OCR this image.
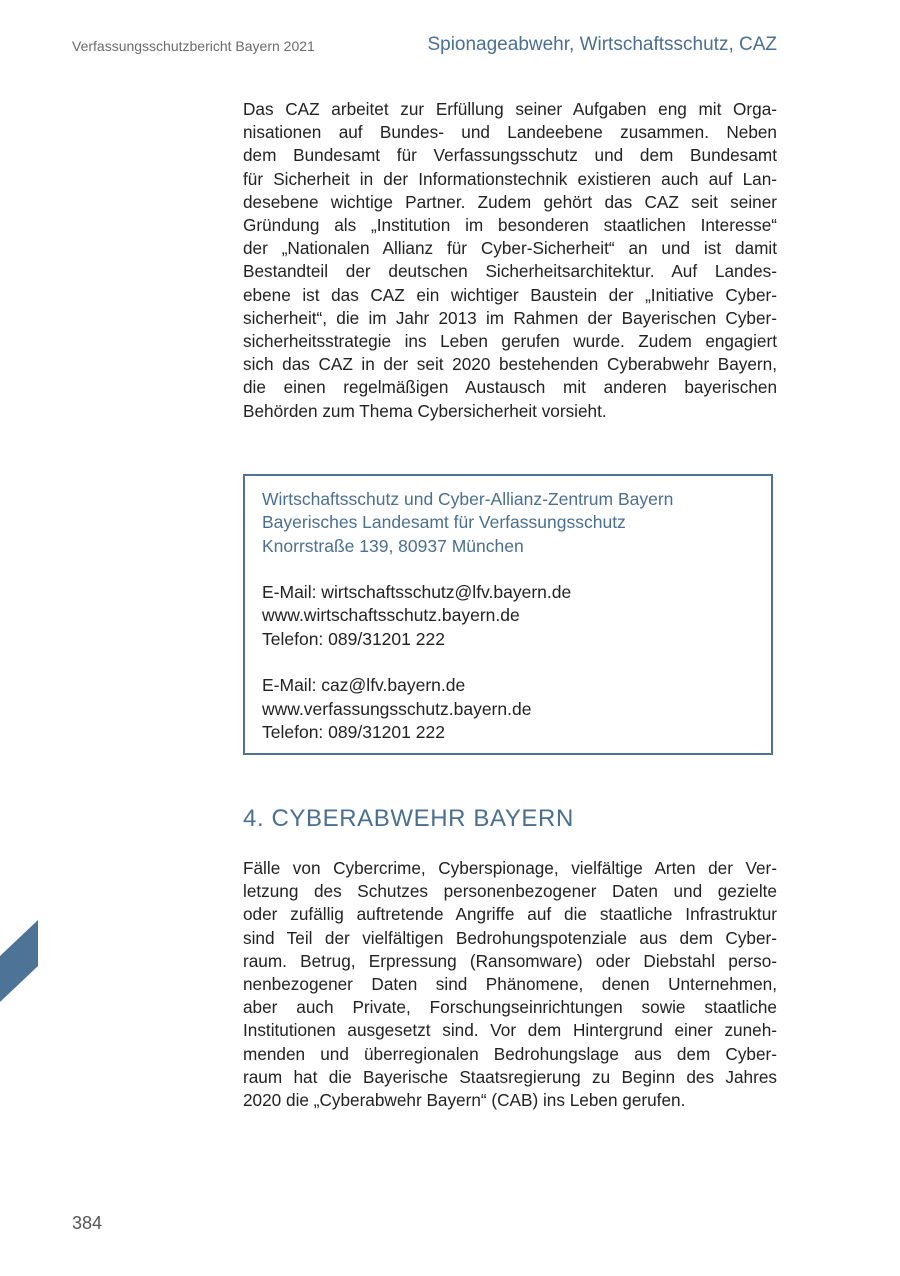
Verfassungsschutzbericht Bayern 2021	Spionageabwehr, Wirtschaftsschutz, CAZ
Das CAZ arbeitet zur Erfüllung seiner Aufgaben eng mit Orga-
nisationen auf Bundes- und Landeebene zusammen. Neben
dem Bundesamt für Verfassungsschutz und dem Bundesamt
für Sicherheit in der Informationstechnik existieren auch auf Lan-
desebene wichtige Partner. Zudem gehört das CAZ seit seiner
Gründung als „Institution im besonderen staatlichen Interesse“
der „Nationalen Allianz für Cyber-Sicherheit“ an und ist damit
Bestandteil der deutschen Sicherheitsarchitektur. Auf Landes-
ebene ist das CAZ ein wichtiger Baustein der „Initiative Cyber-
sicherheit“, die im Jahr 2013 im Rahmen der Bayerischen Cyber-
sicherheitsstrategie ins Leben gerufen wurde. Zudem engagiert
sich das CAZ in der seit 2020 bestehenden Cyberabwehr Bayern,
die einen regelmäßigen Austausch mit anderen bayerischen
Behörden zum Thema Cybersicherheit vorsieht.
Wirtschaftsschutz und Cyber-Allianz-Zentrum Bayern
Bayerisches Landesamt für Verfassungsschutz
Knorrstraße 139, 80937 München
E-Mail: wirtschaftsschutz@lfv.bayern.de
www.wirtschaftsschutz.bayern.de
Telefon: 089/31201 222
E-Mail: caz@lfv.bayern.de
www.verfassungsschutz.bayern.de
Telefon: 089/31201 222
4. CYBERABWEHR BAYERN
Fälle von Cybercrime, Cyberspionage, vielfältige Arten der Ver-
letzung des Schutzes personenbezogener Daten und gezielte
oder zufällig auftretende Angriffe auf die staatliche Infrastruktur
sind Teil der vielfältigen Bedrohungspotenziale aus dem Cyber-
raum. Betrug, Erpressung (Ransomware) oder Diebstahl perso-
nenbezogener Daten sind Phänomene, denen Unternehmen,
aber auch Private, Forschungseinrichtungen sowie staatliche
Institutionen ausgesetzt sind. Vor dem Hintergrund einer zuneh-
menden und überregionalen Bedrohungslage aus dem Cyber-
raum hat die Bayerische Staatsregierung zu Beginn des Jahres
2020 die „Cyberabwehr Bayern“ (CAB) ins Leben gerufen.
384
